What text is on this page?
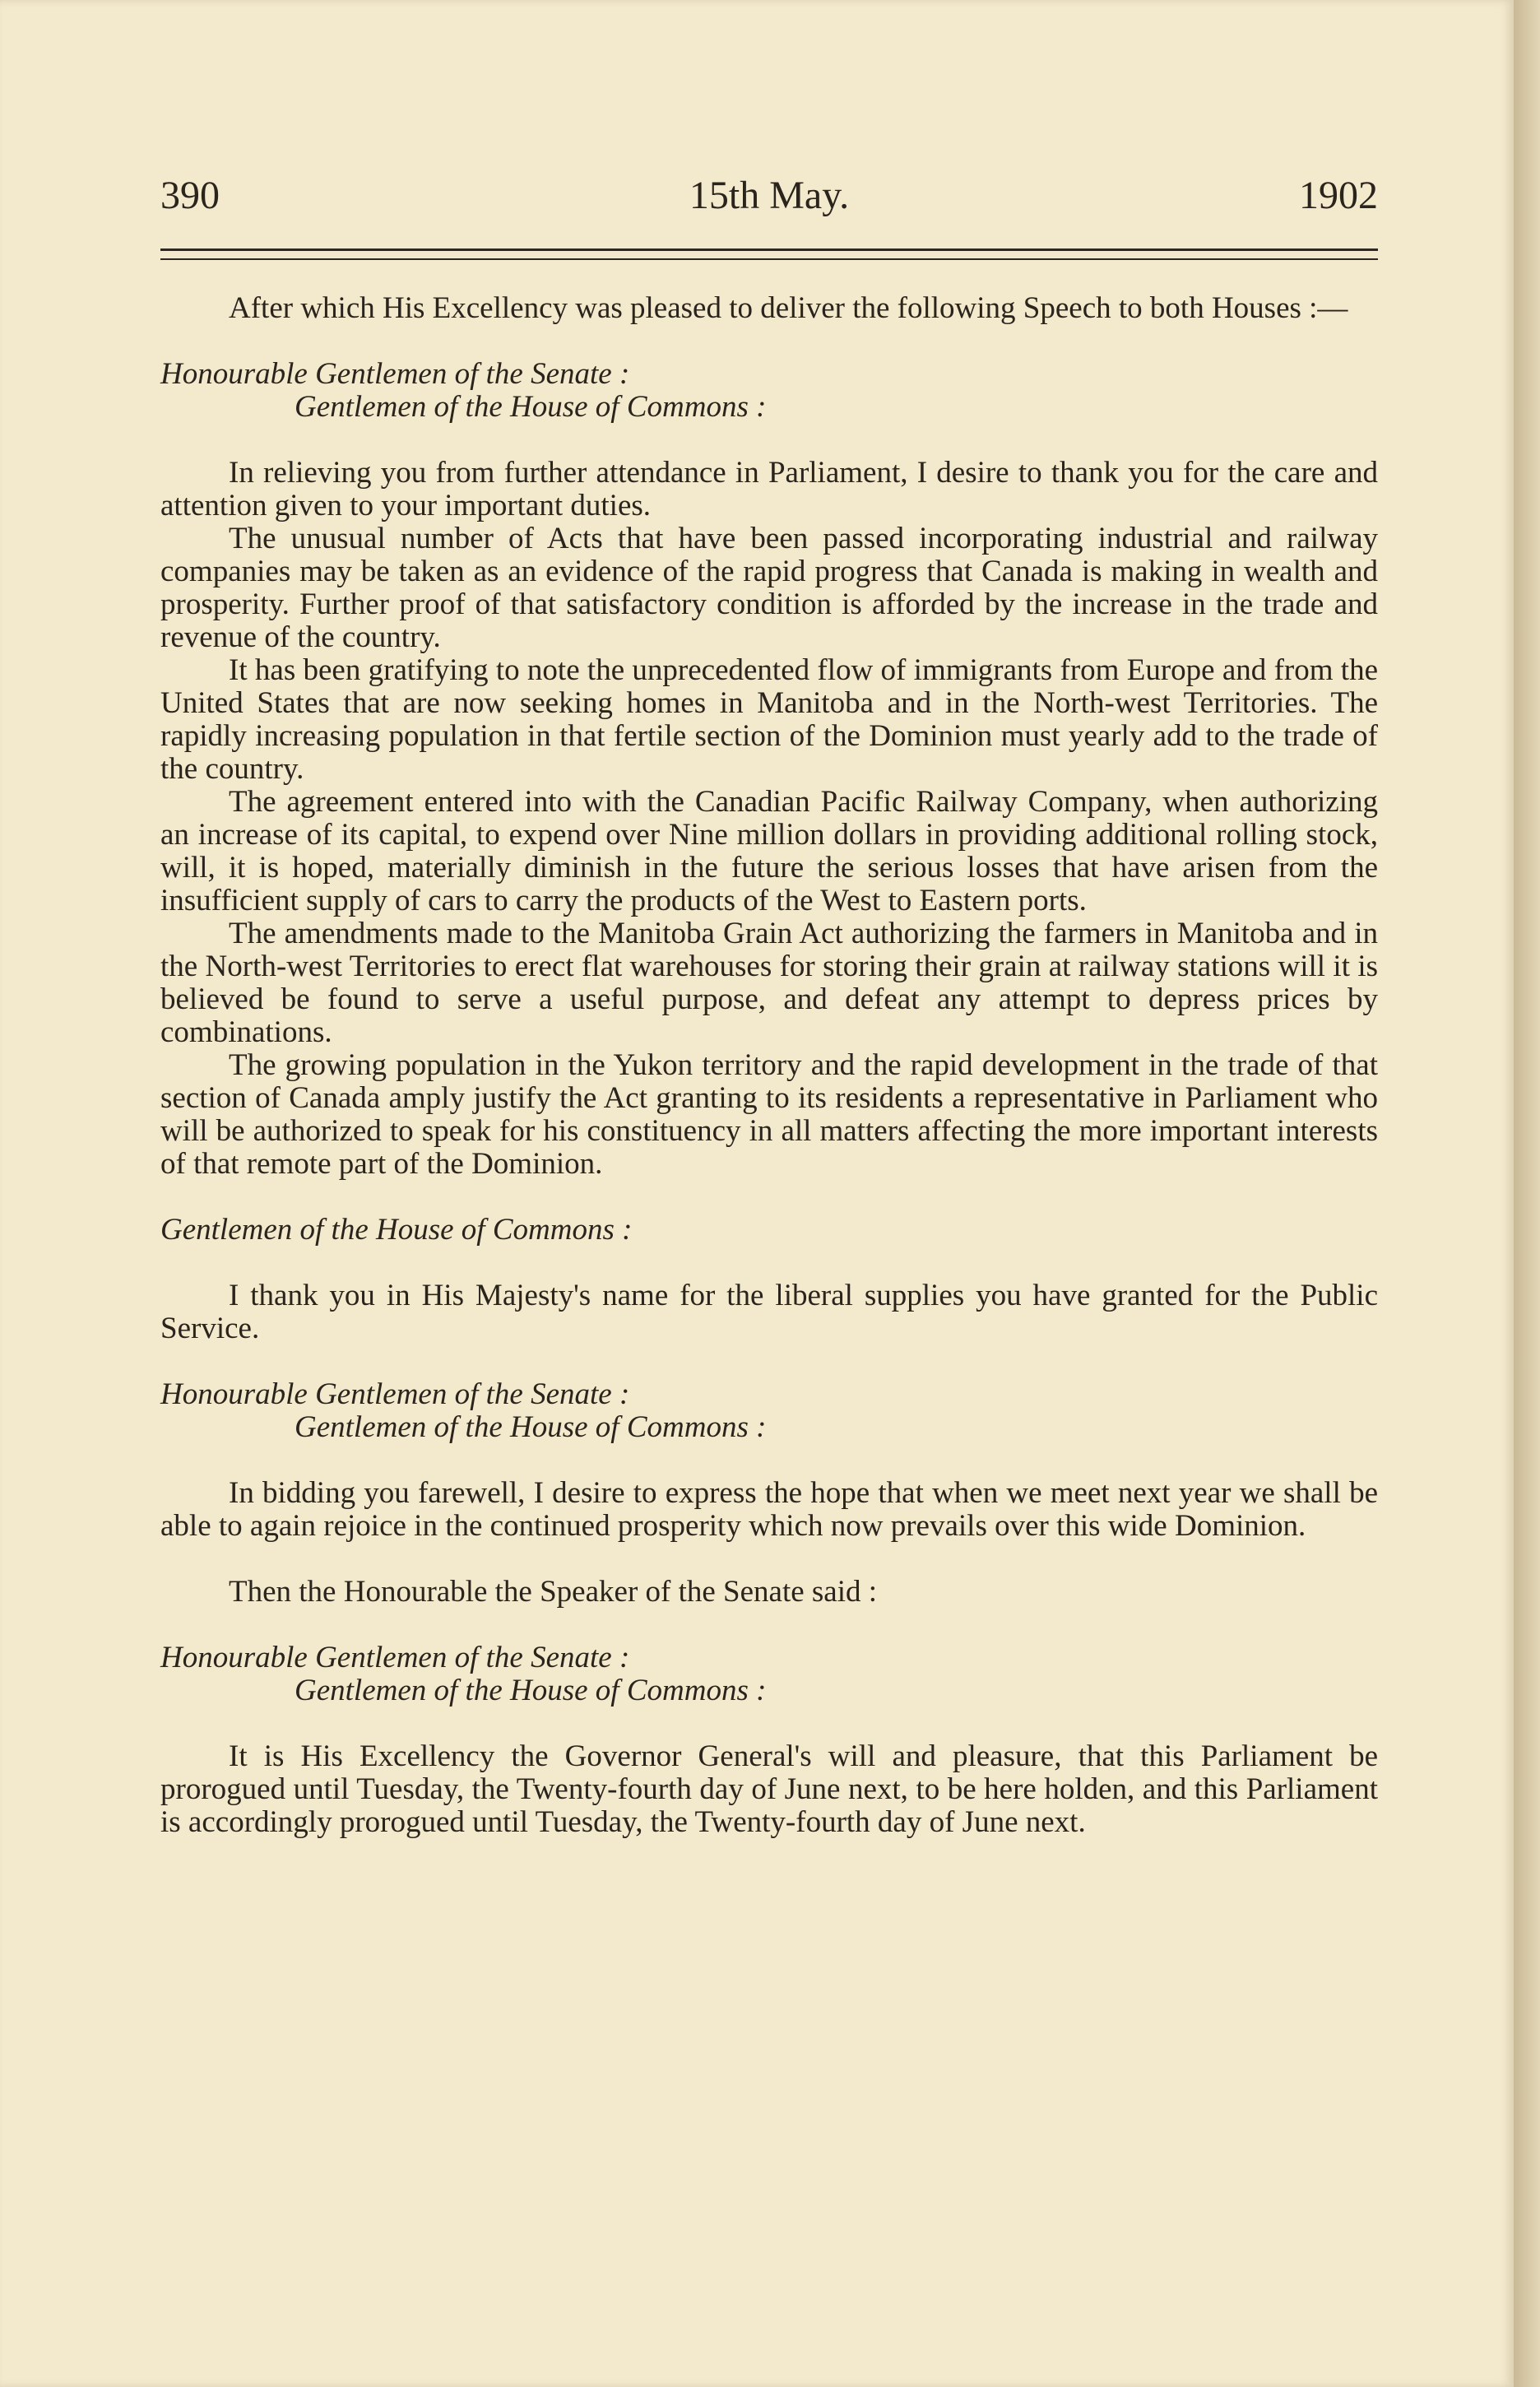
390	15th May.	1902

After which His Excellency was pleased to deliver the following Speech to both Houses :—

Honourable Gentlemen of the Senate :
Gentlemen of the House of Commons :

In relieving you from further attendance in Parliament, I desire to thank you for the care and attention given to your important duties.

The unusual number of Acts that have been passed incorporating industrial and railway companies may be taken as an evidence of the rapid progress that Canada is making in wealth and prosperity. Further proof of that satisfactory condition is afforded by the increase in the trade and revenue of the country.

It has been gratifying to note the unprecedented flow of immigrants from Europe and from the United States that are now seeking homes in Manitoba and in the North-west Territories. The rapidly increasing population in that fertile section of the Dominion must yearly add to the trade of the country.

The agreement entered into with the Canadian Pacific Railway Company, when authorizing an increase of its capital, to expend over Nine million dollars in providing additional rolling stock, will, it is hoped, materially diminish in the future the serious losses that have arisen from the insufficient supply of cars to carry the products of the West to Eastern ports.

The amendments made to the Manitoba Grain Act authorizing the farmers in Manitoba and in the North-west Territories to erect flat warehouses for storing their grain at railway stations will it is believed be found to serve a useful purpose, and defeat any attempt to depress prices by combinations.

The growing population in the Yukon territory and the rapid development in the trade of that section of Canada amply justify the Act granting to its residents a representative in Parliament who will be authorized to speak for his constituency in all matters affecting the more important interests of that remote part of the Dominion.

Gentlemen of the House of Commons :

I thank you in His Majesty's name for the liberal supplies you have granted for the Public Service.

Honourable Gentlemen of the Senate :
Gentlemen of the House of Commons :

In bidding you farewell, I desire to express the hope that when we meet next year we shall be able to again rejoice in the continued prosperity which now prevails over this wide Dominion.

Then the Honourable the Speaker of the Senate said :

Honourable Gentlemen of the Senate :
Gentlemen of the House of Commons :

It is His Excellency the Governor General's will and pleasure, that this Parliament be prorogued until Tuesday, the Twenty-fourth day of June next, to be here holden, and this Parliament is accordingly prorogued until Tuesday, the Twenty-fourth day of June next.
